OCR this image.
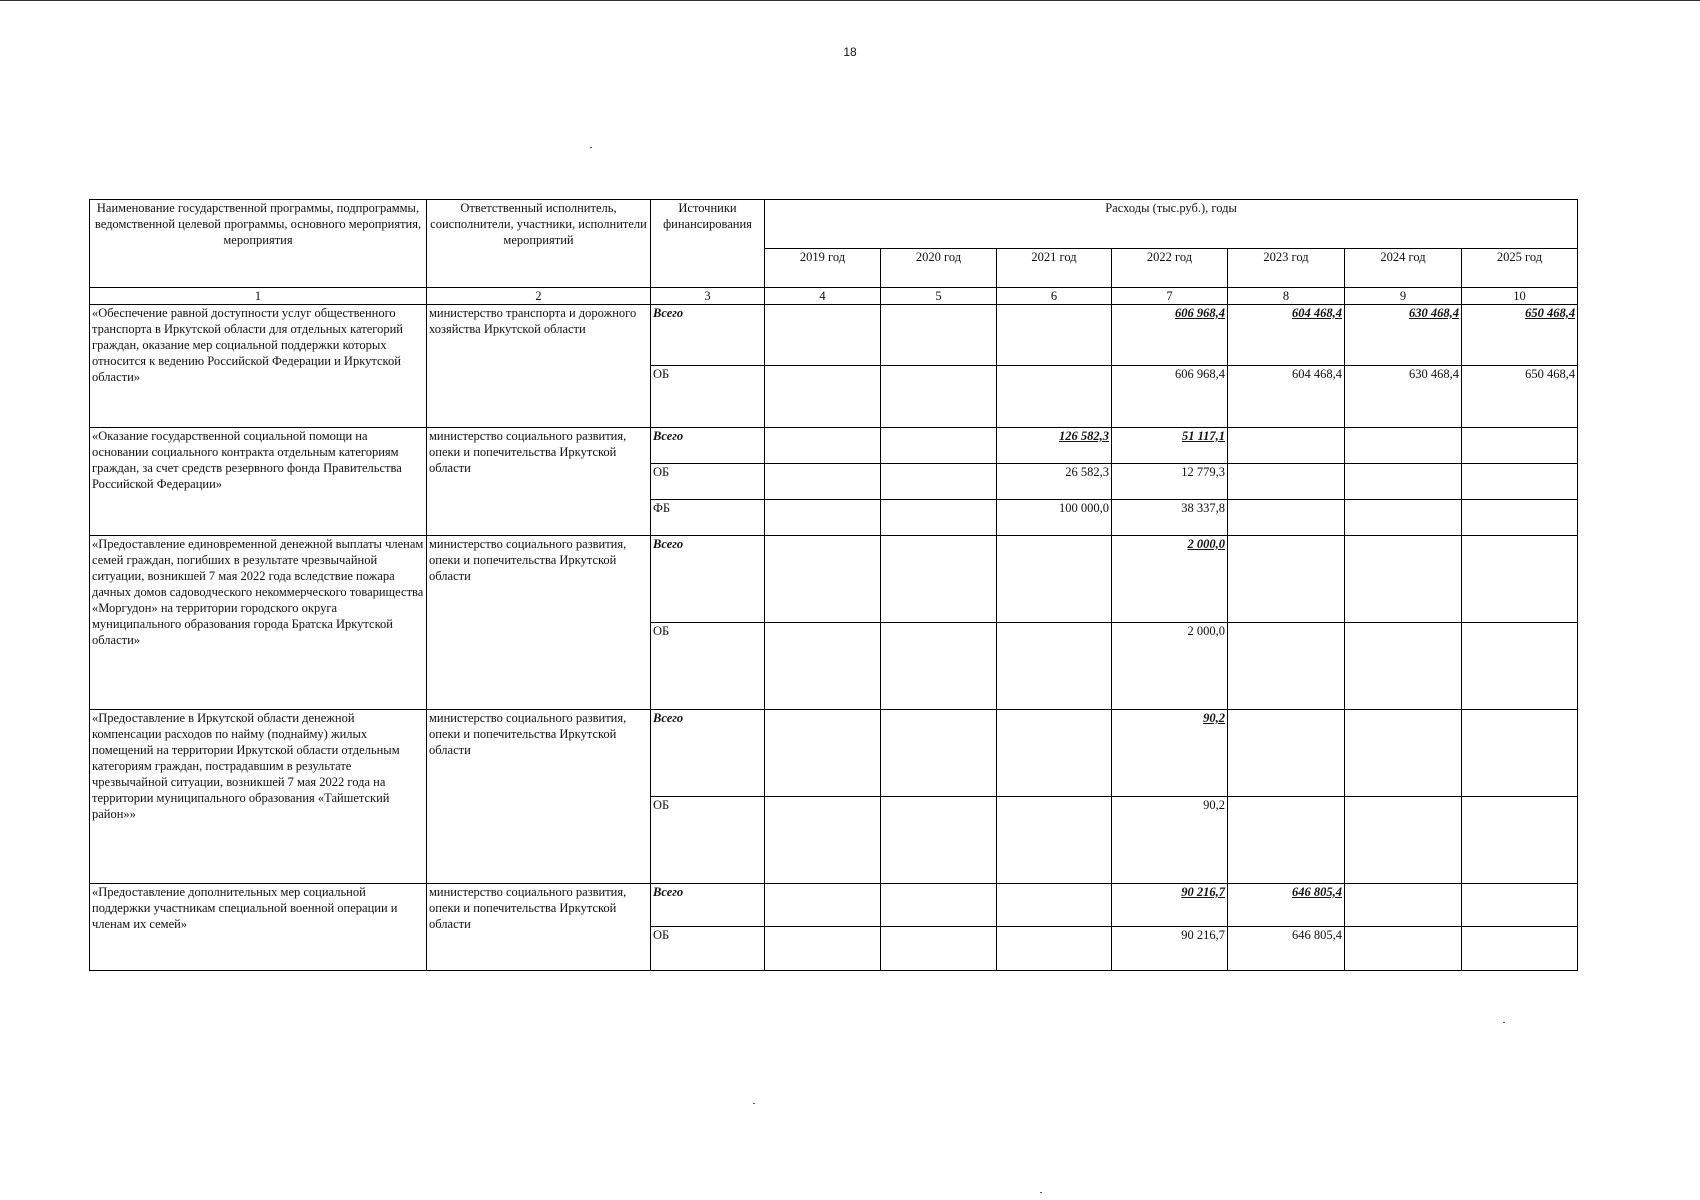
18
Наименование государственной программы, подпрограммы, ведомственной целевой программы, основного мероприятия, мероприятия	Ответственный исполнитель, соисполнители, участники, исполнители мероприятий	Источники финансирования	Расходы (тыс.руб.), годы						
			2019 год	2020 год	2021 год	2022 год	2023 год	2024 год	2025 год
1	2	3	4	5	6	7	8	9	10
«Обеспечение равной доступности услуг общественного транспорта в Иркутской области для отдельных категорий граждан, оказание мер социальной поддержки которых относится к ведению Российской Федерации и Иркутской области»	министерство транспорта и дорожного хозяйства Иркутской области	Всего				606 968,4	604 468,4	630 468,4	650 468,4
		ОБ				606 968,4	604 468,4	630 468,4	650 468,4
«Оказание государственной социальной помощи на основании социального контракта отдельным категориям граждан, за счет средств резервного фонда Правительства Российской Федерации»	министерство социального развития, опеки и попечительства Иркутской области	Всего			126 582,3	51 117,1			
		ОБ			26 582,3	12 779,3			
		ФБ			100 000,0	38 337,8			
«Предоставление единовременной денежной выплаты членам семей граждан, погибших в результате чрезвычайной ситуации, возникшей 7 мая 2022 года вследствие пожара дачных домов садоводческого некоммерческого товарищества «Моргудон» на территории городского округа муниципального образования города Братска Иркутской области»	министерство социального развития, опеки и попечительства Иркутской области	Всего				2 000,0			
		ОБ				2 000,0			
«Предоставление в Иркутской области денежной компенсации расходов по найму (поднайму) жилых помещений на территории Иркутской области отдельным категориям граждан, пострадавшим в результате чрезвычайной ситуации, возникшей 7 мая 2022 года на территории муниципального образования «Тайшетский район»»	министерство социального развития, опеки и попечительства Иркутской области	Всего				90,2			
		ОБ				90,2			
«Предоставление дополнительных мер социальной поддержки участникам специальной военной операции и членам их семей»	министерство социального развития, опеки и попечительства Иркутской области	Всего				90 216,7	646 805,4		
		ОБ				90 216,7	646 805,4		
